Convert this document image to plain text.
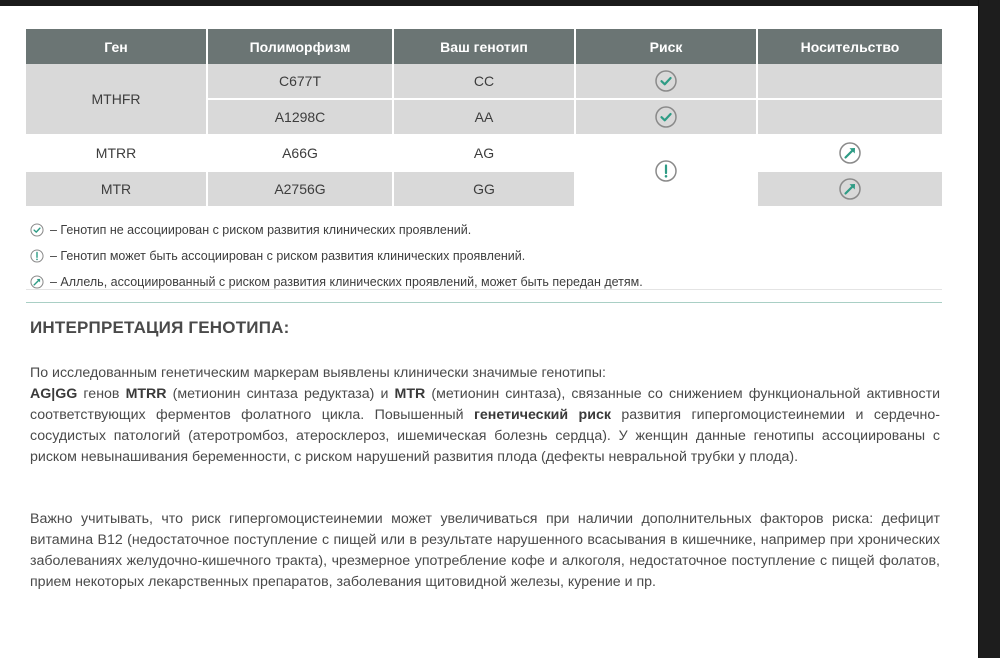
Ген	Полиморфизм	Ваш генотип	Риск	Носительство
MTHFR	C677T	CC		
	A1298C	AA		
MTRR	A66G	AG		
MTR	A2756G	GG	
– Генотип не ассоциирован с риском развития клинических проявлений.
– Генотип может быть ассоциирован с риском развития клинических проявлений.
– Аллель, ассоциированный с риском развития клинических проявлений, может быть передан детям.
ИНТЕРПРЕТАЦИЯ ГЕНОТИПА:

По исследованным генетическим маркерам выявлены клинически значимые генотипы:
AG|GG генов MTRR (метионин синтаза редуктаза) и MTR (метионин синтаза), связанные со снижением функциональной активности соответствующих ферментов фолатного цикла. Повышенный генетический риск развития гипергомоцистеинемии и сердечно-сосудистых патологий (атеротромбоз, атеросклероз, ишемическая болезнь сердца). У женщин данные генотипы ассоциированы с риском невынашивания беременности, с риском нарушений развития плода (дефекты невральной трубки у плода).

Важно учитывать, что риск гипергомоцистеинемии может увеличиваться при наличии дополнительных факторов риска: дефицит витамина В12 (недостаточное поступление с пищей или в результате нарушенного всасывания в кишечнике, например при хронических заболеваниях желудочно-кишечного тракта), чрезмерное употребление кофе и алкоголя, недостаточное поступление с пищей фолатов, прием некоторых лекарственных препаратов, заболевания щитовидной железы, курение и пр.
